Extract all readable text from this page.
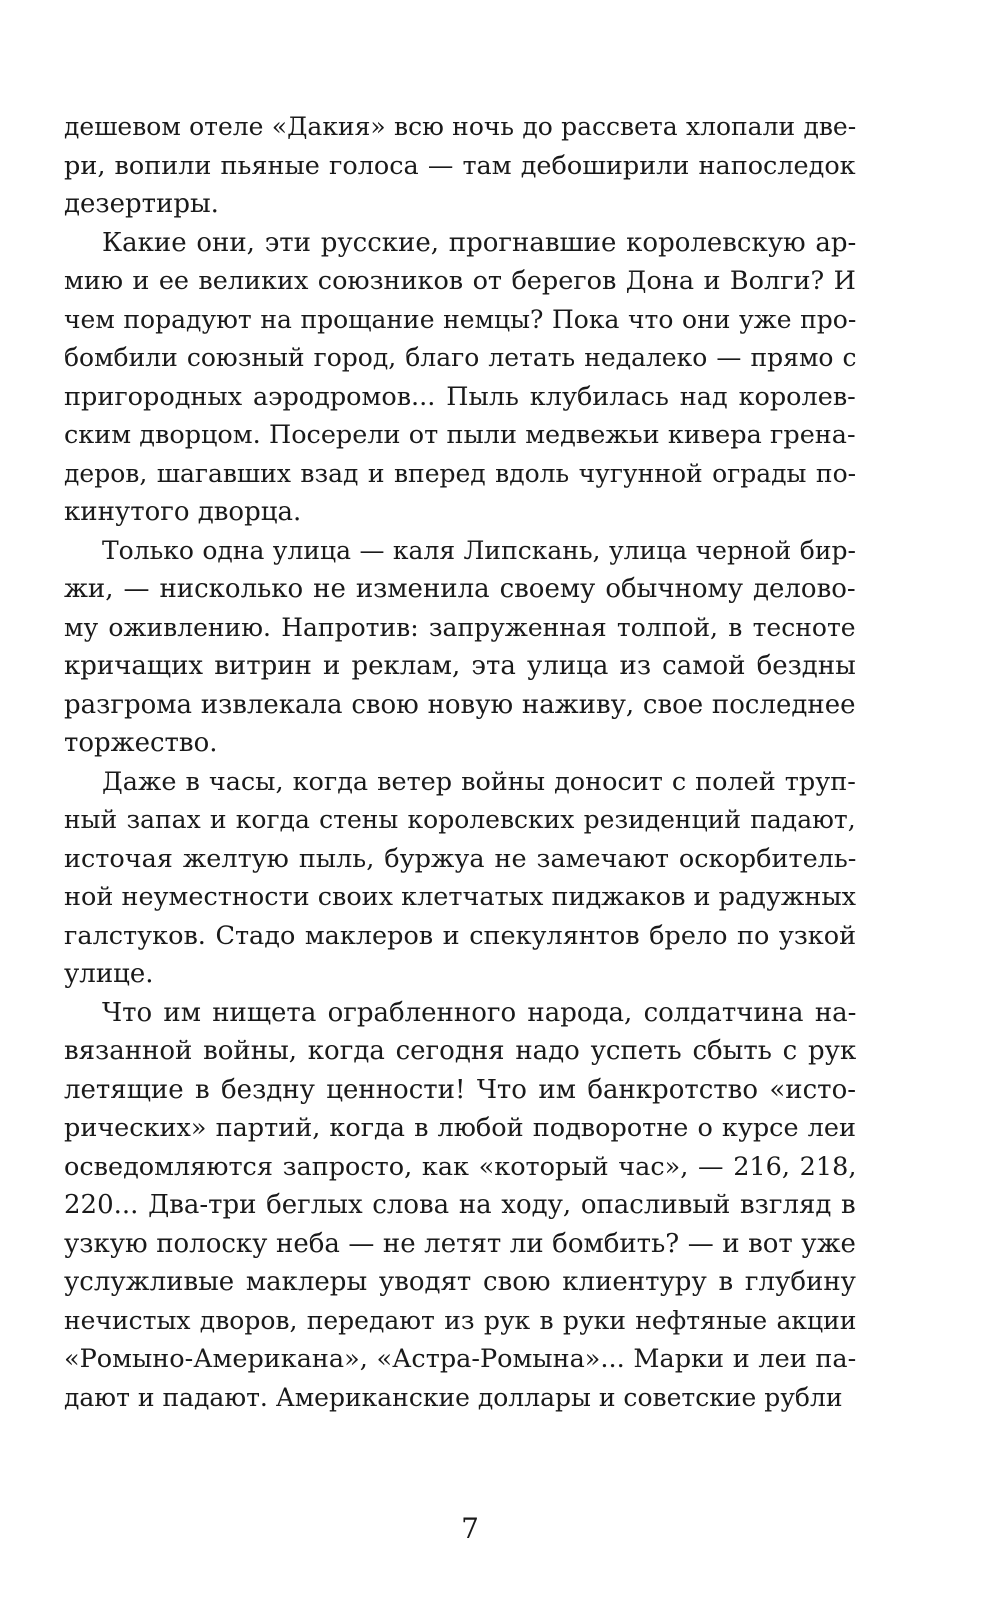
дешевом отеле «Дакия» всю ночь до рассвета хлопали две-
ри, вопили пьяные голоса — там дебоширили напоследок
дезертиры.
Какие они, эти русские, прогнавшие королевскую ар-
мию и ее великих союзников от берегов Дона и Волги? И
чем порадуют на прощание немцы? Пока что они уже про-
бомбили союзный город, благо летать недалеко — прямо с
пригородных аэродромов... Пыль клубилась над королев-
ским дворцом. Посерели от пыли медвежьи кивера грена-
деров, шагавших взад и вперед вдоль чугунной ограды по-
кинутого дворца.
Только одна улица — каля Липскань, улица черной бир-
жи, — нисколько не изменила своему обычному делово-
му оживлению. Напротив: запруженная толпой, в тесноте
кричащих витрин и реклам, эта улица из самой бездны
разгрома извлекала свою новую наживу, свое последнее
торжество.
Даже в часы, когда ветер войны доносит с полей труп-
ный запах и когда стены королевских резиденций падают,
источая желтую пыль, буржуа не замечают оскорбитель-
ной неуместности своих клетчатых пиджаков и радужных
галстуков. Стадо маклеров и спекулянтов брело по узкой
улице.
Что им нищета ограбленного народа, солдатчина на-
вязанной войны, когда сегодня надо успеть сбыть с рук
летящие в бездну ценности! Что им банкротство «исто-
рических» партий, когда в любой подворотне о курсе леи
осведомляются запросто, как «который час», — 216, 218,
220... Два-три беглых слова на ходу, опасливый взгляд в
узкую полоску неба — не летят ли бомбить? — и вот уже
услужливые маклеры уводят свою клиентуру в глубину
нечистых дворов, передают из рук в руки нефтяные акции
«Ромыно-Американа», «Астра-Ромына»... Марки и леи па-
дают и падают. Американские доллары и советские рубли
7
